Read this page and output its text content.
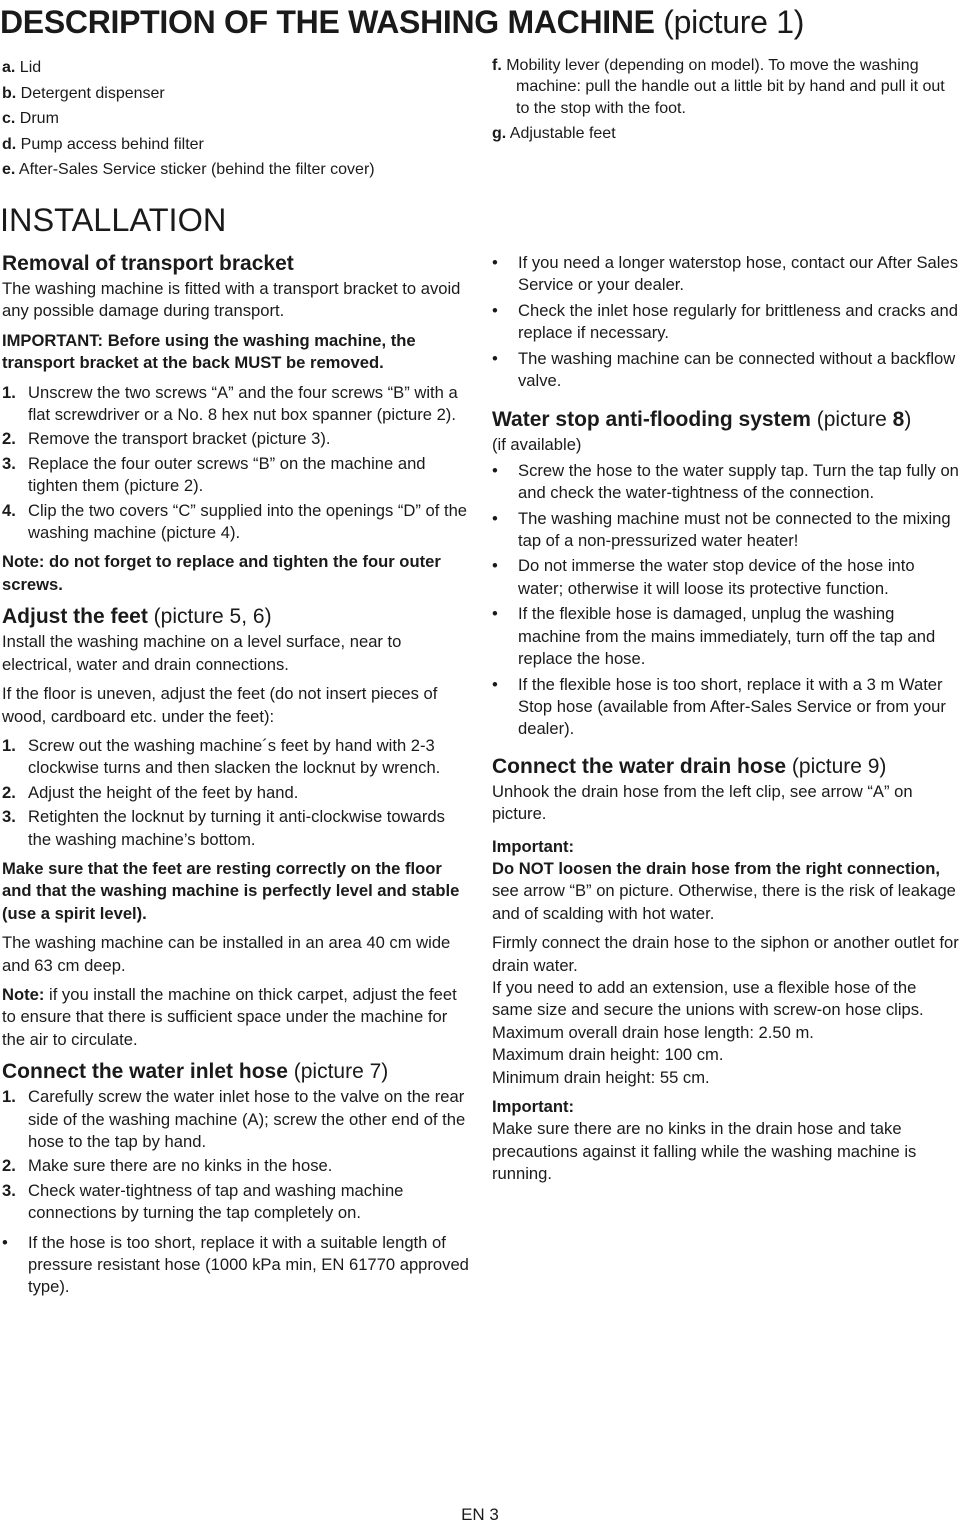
DESCRIPTION OF THE WASHING MACHINE (picture 1)
a. Lid
b. Detergent dispenser
c. Drum
d. Pump access behind filter
e. After-Sales Service sticker (behind the filter cover)
f. Mobility lever (depending on model). To move the washing machine: pull the handle out a little bit by hand and pull it out to the stop with the foot.
g. Adjustable feet
INSTALLATION
Removal of transport bracket

The washing machine is fitted with a transport bracket to avoid any possible damage during transport.

IMPORTANT: Before using the washing machine, the transport bracket at the back MUST be removed.

1. Unscrew the two screws “A” and the four screws “B” with a flat screwdriver or a No. 8 hex nut box spanner (picture 2).
2. Remove the transport bracket (picture 3).
3. Replace the four outer screws “B” on the machine and tighten them (picture 2).
4. Clip the two covers “C” supplied into the openings “D” of the washing machine (picture 4).

Note: do not forget to replace and tighten the four outer screws.

Adjust the feet (picture 5, 6)

Install the washing machine on a level surface, near to electrical, water and drain connections.

If the floor is uneven, adjust the feet (do not insert pieces of wood, cardboard etc. under the feet):

1. Screw out the washing machine´s feet by hand with 2-3 clockwise turns and then slacken the locknut by wrench.
2. Adjust the height of the feet by hand.
3. Retighten the locknut by turning it anti-clockwise towards the washing machine’s bottom.

Make sure that the feet are resting correctly on the floor and that the washing machine is perfectly level and stable (use a spirit level).

The washing machine can be installed in an area 40 cm wide and 63 cm deep.

Note: if you install the machine on thick carpet, adjust the feet to ensure that there is sufficient space under the machine for the air to circulate.

Connect the water inlet hose (picture 7)
1. Carefully screw the water inlet hose to the valve on the rear side of the washing machine (A); screw the other end of the hose to the tap by hand.
2. Make sure there are no kinks in the hose.
3. Check water-tightness of tap and washing machine connections by turning the tap completely on.
• If the hose is too short, replace it with a suitable length of pressure resistant hose (1000 kPa min, EN 61770 approved type).
• If you need a longer waterstop hose, contact our After Sales Service or your dealer.
• Check the inlet hose regularly for brittleness and cracks and replace if necessary.
• The washing machine can be connected without a backflow valve.
Water stop anti-flooding system (picture 8)

(if available)

• Screw the hose to the water supply tap. Turn the tap fully on and check the water-tightness of the connection.
• The washing machine must not be connected to the mixing tap of a non-pressurized water heater!
• Do not immerse the water stop device of the hose into water; otherwise it will loose its protective function.
• If the flexible hose is damaged, unplug the washing machine from the mains immediately, turn off the tap and replace the hose.
• If the flexible hose is too short, replace it with a 3 m Water Stop hose (available from After-Sales Service or from your dealer).
Connect the water drain hose (picture 9)

Unhook the drain hose from the left clip, see arrow “A” on picture.

Important:

Do NOT loosen the drain hose from the right connection, see arrow “B” on picture. Otherwise, there is the risk of leakage and of scalding with hot water.

Firmly connect the drain hose to the siphon or another outlet for drain water.

If you need to add an extension, use a flexible hose of the same size and secure the unions with screw-on hose clips.

Maximum overall drain hose length: 2.50 m.

Maximum drain height: 100 cm.

Minimum drain height: 55 cm.

Important:

Make sure there are no kinks in the drain hose and take precautions against it falling while the washing machine is running.

EN 3
